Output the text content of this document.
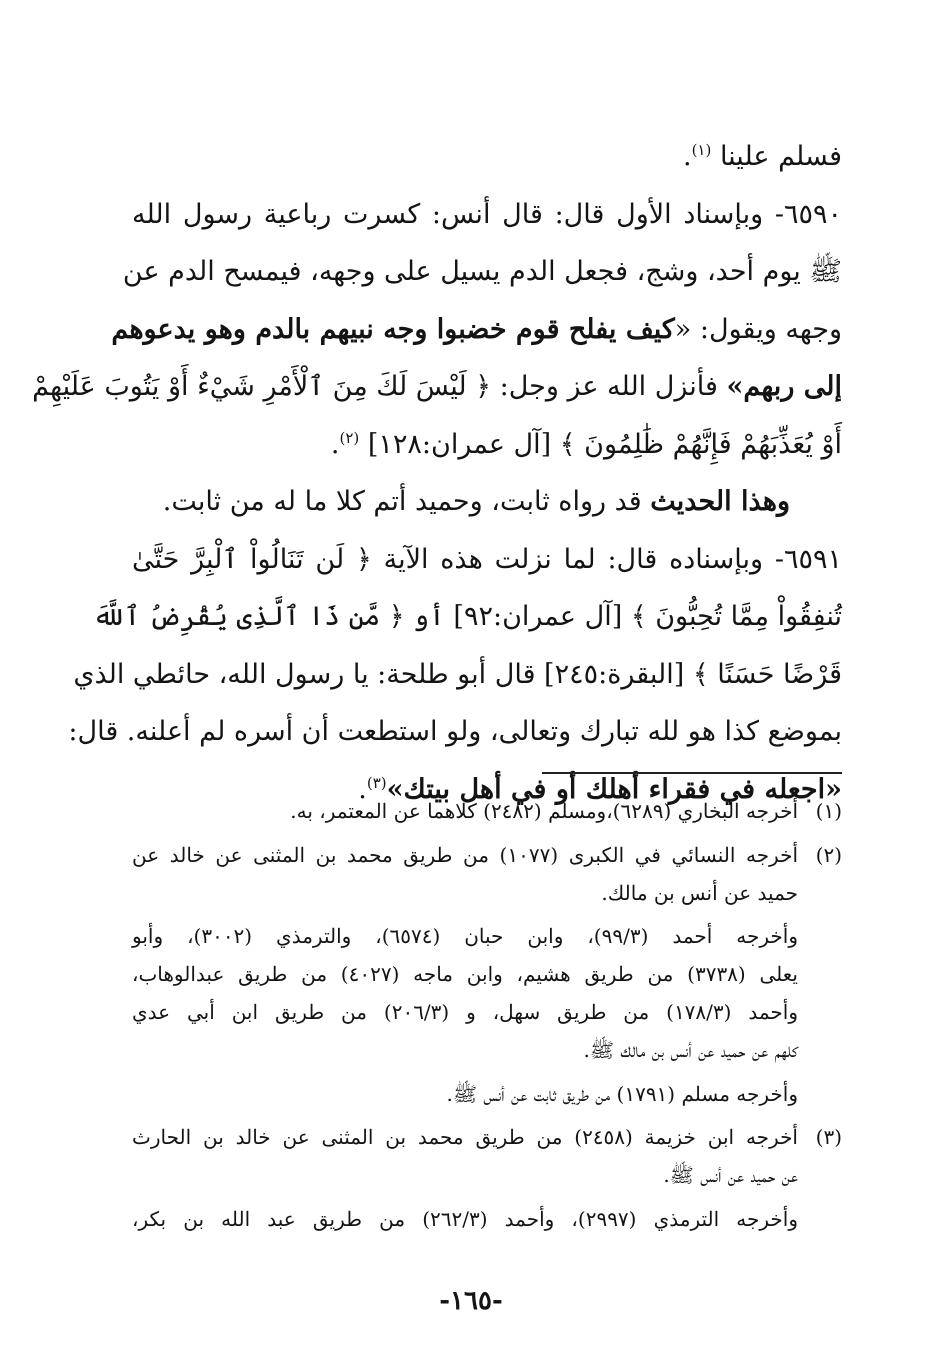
فسلم علينا $^{(١)}$.
٦٥٩٠- وبإسناد الأول قال: قال أنس: كسرت رباعية رسول الله
ﷺ يوم أحد، وشج، فجعل الدم يسيل على وجهه، فيمسح الدم عن
وجهه ويقول: «كيف يفلح قوم خضبوا وجه نبيهم بالدم وهو يدعوهم
إلى ربهم» فأنزل الله عز وجل: ﴿ لَيْسَ لَكَ مِنَ ٱلْأَمْرِ شَيْءٌ أَوْ يَتُوبَ عَلَيْهِمْ
أَوْ يُعَذِّبَهُمْ فَإِنَّهُمْ ظَٰلِمُونَ ﴾ [آل عمران:١٢٨] $^{(٢)}$.
وهذا الحديث قد رواه ثابت، وحميد أتم كلا ما له من ثابت.
٦٥٩١- وبإسناده قال: لما نزلت هذه الآية ﴿ لَن تَنَالُواْ ٱلْبِرَّ حَتَّىٰ
تُنفِقُواْ مِمَّا تُحِبُّونَ ﴾ [آل عمران:٩٢] أو ﴿ مَّن ذَا ٱلَّذِى يُقْرِضُ ٱللَّهَ
قَرْضًا حَسَنًا ﴾ [البقرة:٢٤٥] قال أبو طلحة: يا رسول الله، حائطي الذي
بموضع كذا هو لله تبارك وتعالى، ولو استطعت أن أسره لم أعلنه. قال:
«اجعله في فقراء أهلك أو في أهل بيتك»$^{(٣)}$.
(١)أخرجه البخاري (٦٢٨٩)،ومسلم (٢٤٨٢) كلاهما عن المعتمر، به.
(٢)أخرجه النسائي في الكبرى (١٠٧٧) من طريق محمد بن المثنى عن خالد عن
حميد عن أنس بن مالك.
وأخرجه أحمد (٩٩/٣)، وابن حبان (٦٥٧٤)، والترمذي (٣٠٠٢)، وأبو
يعلى (٣٧٣٨) من طريق هشيم، وابن ماجه (٤٠٢٧) من طريق عبدالوهاب،
وأحمد (١٧٨/٣) من طريق سهل، و (٢٠٦/٣) من طريق ابن أبي عدي
كلهم عن حميد عن أنس بن مالك ﷺ.
وأخرجه مسلم (١٧٩١) من طريق ثابت عن أنس ﷺ.
(٣)أخرجه ابن خزيمة (٢٤٥٨) من طريق محمد بن المثنى عن خالد بن الحارث
عن حميد عن أنس ﷺ.
وأخرجه الترمذي (٢٩٩٧)، وأحمد (٢٦٢/٣) من طريق عبد الله بن بكر،
-١٦٥-
